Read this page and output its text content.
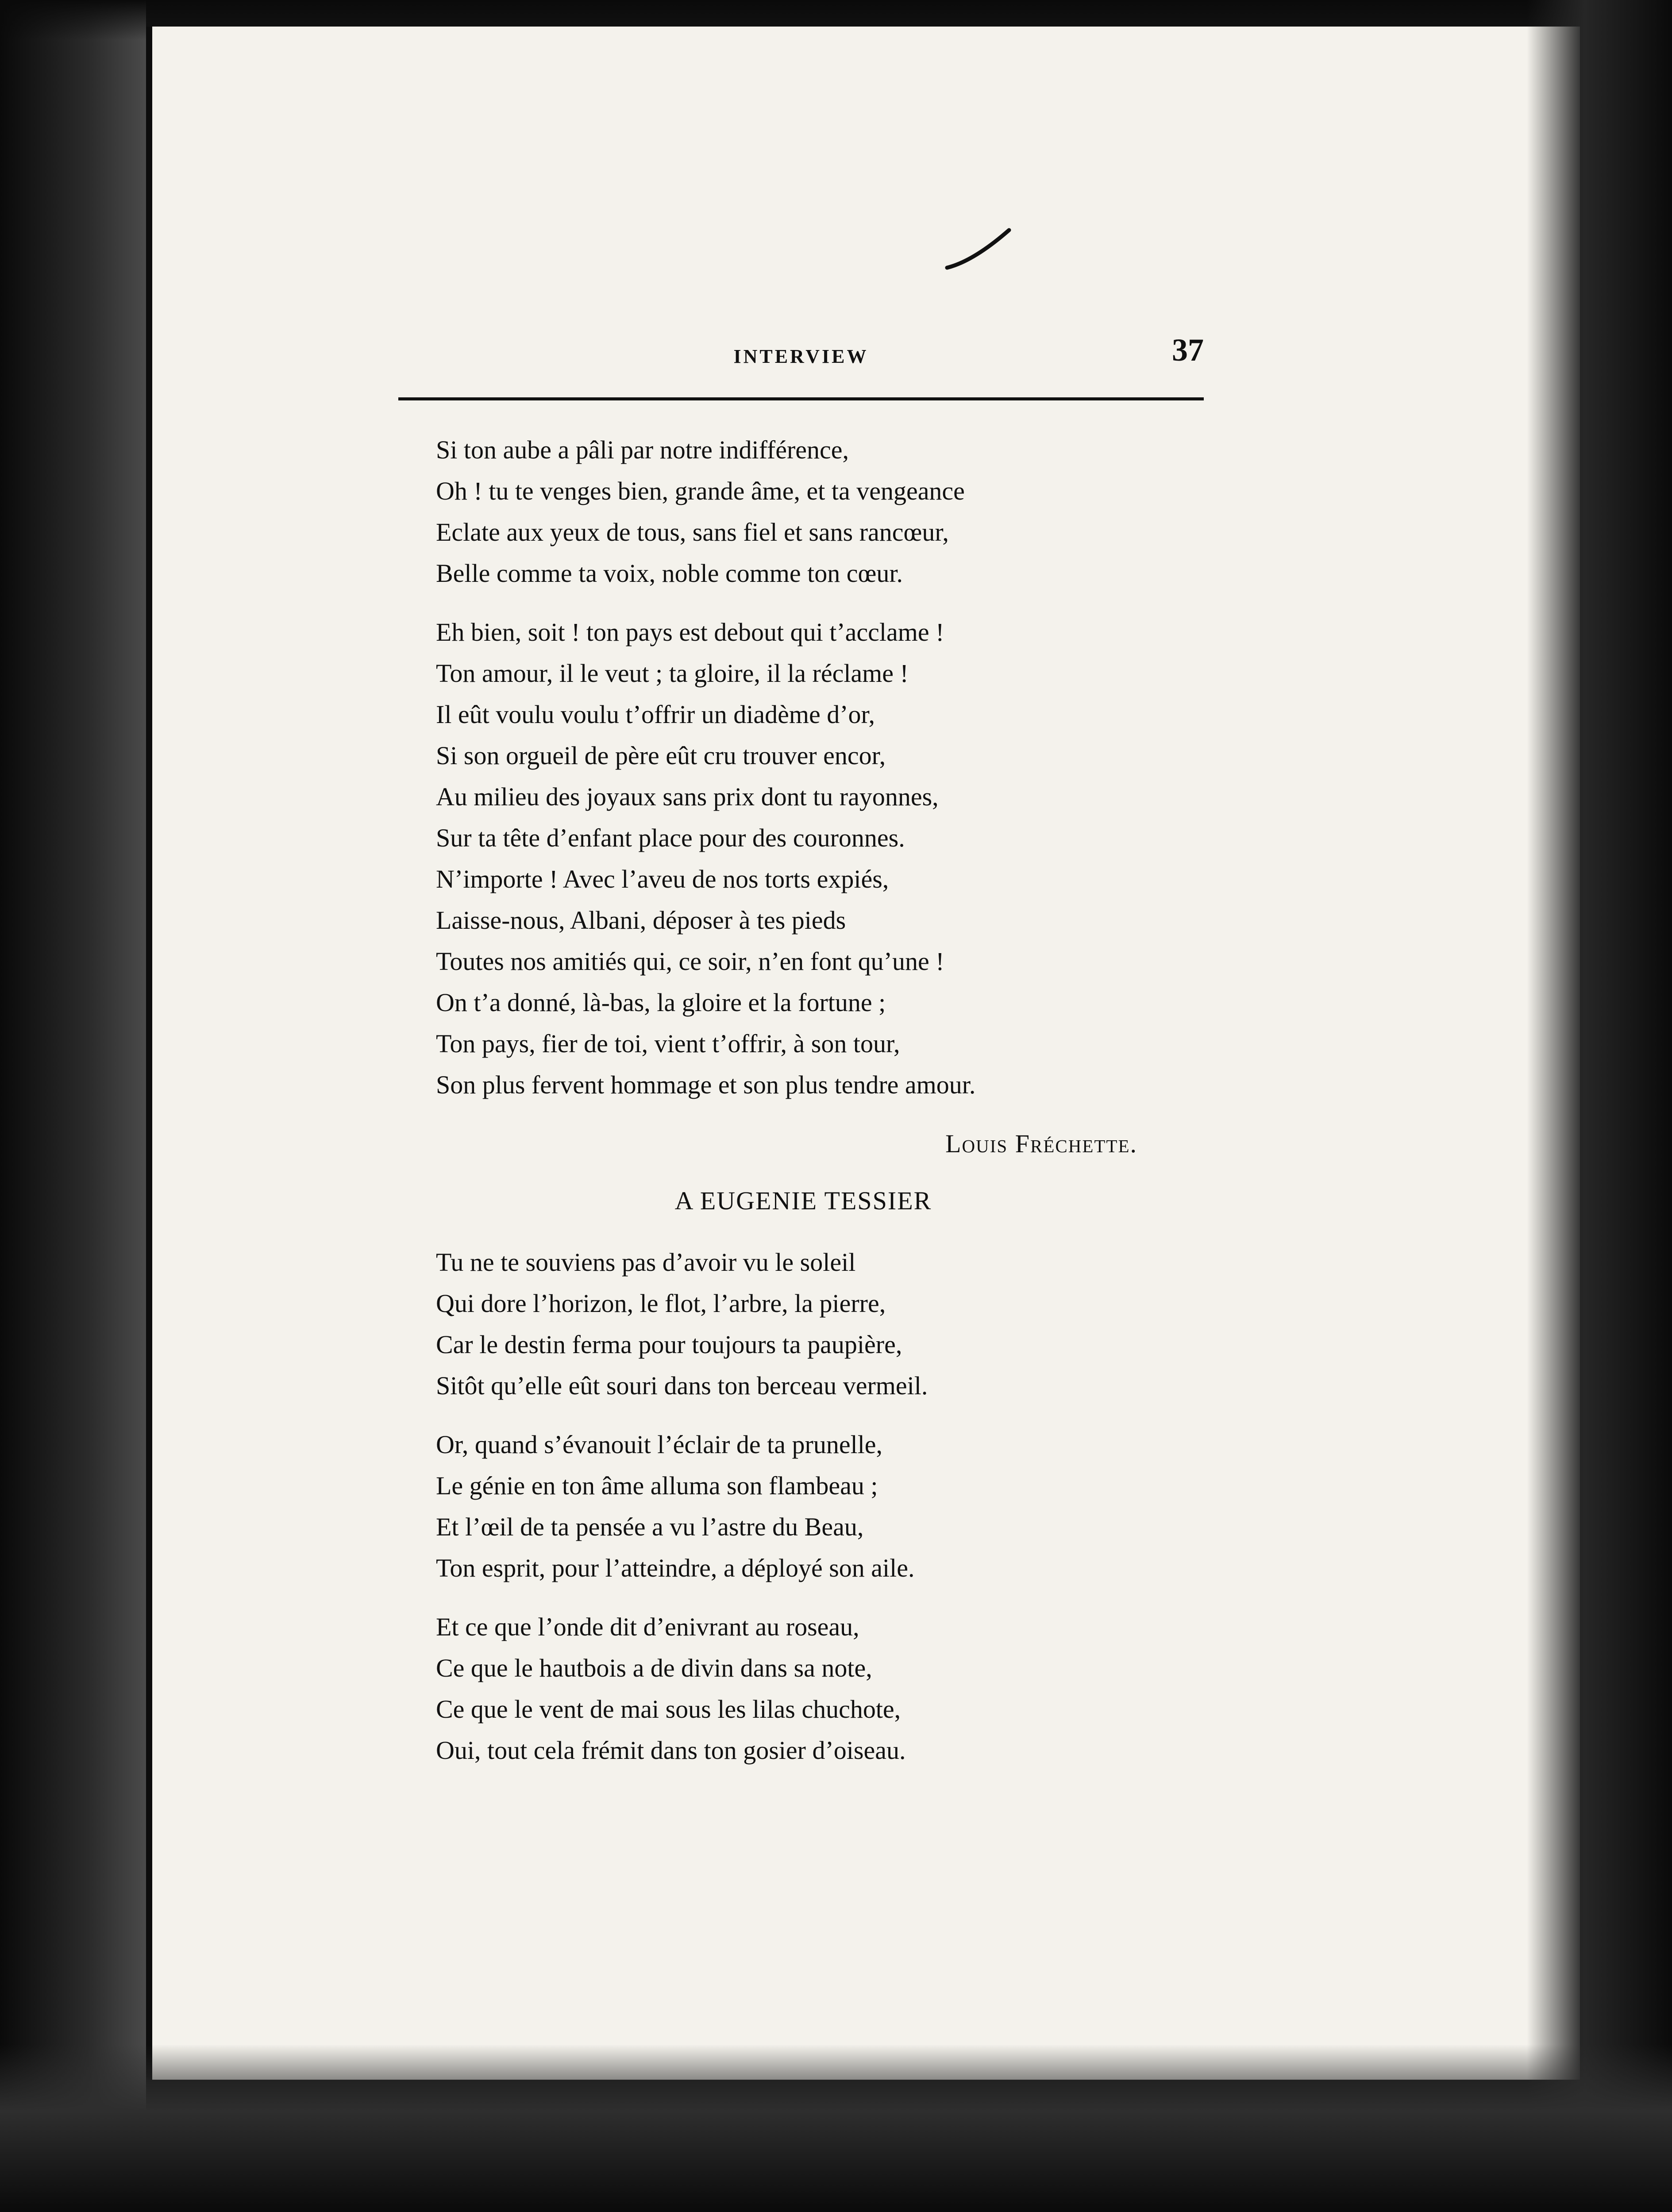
INTERVIEW	37
Si ton aube a pâli par notre indifférence,
Oh ! tu te venges bien, grande âme, et ta vengeance
Eclate aux yeux de tous, sans fiel et sans rancœur,
Belle comme ta voix, noble comme ton cœur.
Eh bien, soit ! ton pays est debout qui t’acclame !
Ton amour, il le veut ; ta gloire, il la réclame !
Il eût voulu voulu t’offrir un diadème d’or,
Si son orgueil de père eût cru trouver encor,
Au milieu des joyaux sans prix dont tu rayonnes,
Sur ta tête d’enfant place pour des couronnes.
N’importe ! Avec l’aveu de nos torts expiés,
Laisse-nous, Albani, déposer à tes pieds
Toutes nos amitiés qui, ce soir, n’en font qu’une !
On t’a donné, là-bas, la gloire et la fortune ;
Ton pays, fier de toi, vient t’offrir, à son tour,
Son plus fervent hommage et son plus tendre amour.
Louis Fréchette.
A EUGENIE TESSIER
Tu ne te souviens pas d’avoir vu le soleil
Qui dore l’horizon, le flot, l’arbre, la pierre,
Car le destin ferma pour toujours ta paupière,
Sitôt qu’elle eût souri dans ton berceau vermeil.
Or, quand s’évanouit l’éclair de ta prunelle,
Le génie en ton âme alluma son flambeau ;
Et l’œil de ta pensée a vu l’astre du Beau,
Ton esprit, pour l’atteindre, a déployé son aile.
Et ce que l’onde dit d’enivrant au roseau,
Ce que le hautbois a de divin dans sa note,
Ce que le vent de mai sous les lilas chuchote,
Oui, tout cela frémit dans ton gosier d’oiseau.
